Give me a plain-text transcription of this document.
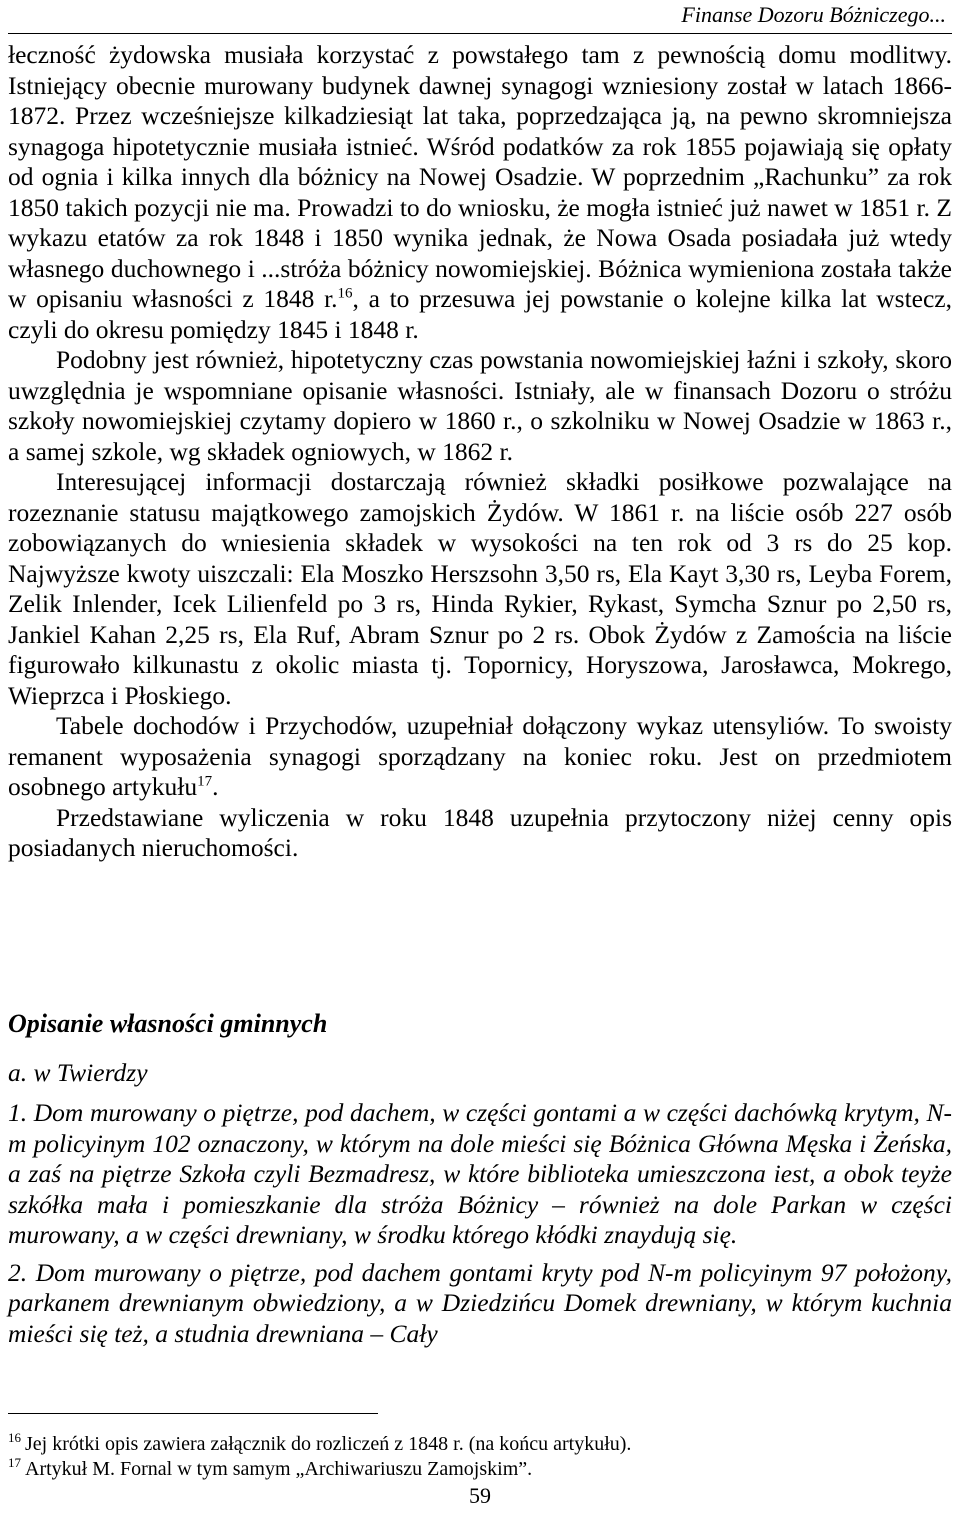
Finanse Dozoru Bóżniczego...

łeczność żydowska musiała korzystać z powstałego tam z pewnością domu modlitwy. Istniejący obecnie murowany budynek dawnej synagogi wzniesiony został w latach 1866-1872. Przez wcześniejsze kilkadziesiąt lat taka, poprzedzająca ją, na pewno skromniejsza synagoga hipotetycznie musiała istnieć. Wśród podatków za rok 1855 pojawiają się opłaty od ognia i kilka innych dla bóżnicy na Nowej Osadzie. W poprzednim „Rachunku” za rok 1850 takich pozycji nie ma. Prowadzi to do wniosku, że mogła istnieć już nawet w 1851 r. Z wykazu etatów za rok 1848 i 1850 wynika jednak, że Nowa Osada posiadała już wtedy własnego duchownego i ...stróża bóżnicy nowomiejskiej. Bóżnica wymieniona została także w opisaniu własności z 1848 r.$^{16}$, a to przesuwa jej powstanie o kolejne kilka lat wstecz, czyli do okresu pomiędzy 1845 i 1848 r.

Podobny jest również, hipotetyczny czas powstania nowomiejskiej łaźni i szkoły, skoro uwzględnia je wspomniane opisanie własności. Istniały, ale w finansach Dozoru o stróżu szkoły nowomiejskiej czytamy dopiero w 1860 r., o szkolniku w Nowej Osadzie w 1863 r., a samej szkole, wg składek ogniowych, w 1862 r.

Interesującej informacji dostarczają również składki posiłkowe pozwalające na rozeznanie statusu majątkowego zamojskich Żydów. W 1861 r. na liście osób 227 osób zobowiązanych do wniesienia składek w wysokości na ten rok od 3 rs do 25 kop. Najwyższe kwoty uiszczali: Ela Moszko Herszsohn 3,50 rs, Ela Kayt 3,30 rs, Leyba Forem, Zelik Inlender, Icek Lilienfeld po 3 rs, Hinda Rykier, Rykast, Symcha Sznur po 2,50 rs, Jankiel Kahan 2,25 rs, Ela Ruf, Abram Sznur po 2 rs. Obok Żydów z Zamościa na liście figurowało kilkunastu z okolic miasta tj. Topornicy, Horyszowa, Jarosławca, Mokrego, Wieprzca i Płoskiego.

Tabele dochodów i Przychodów, uzupełniał dołączony wykaz utensyliów. To swoisty remanent wyposażenia synagogi sporządzany na koniec roku. Jest on przedmiotem osobnego artykułu$^{17}$.

Przedstawiane wyliczenia w roku 1848 uzupełnia przytoczony niżej cenny opis posiadanych nieruchomości.

Opisanie własności gminnych
a. w Twierdzy

1. Dom murowany o piętrze, pod dachem, w części gontami a w części dachówką krytym, N-m policyinym 102 oznaczony, w którym na dole mieści się Bóżnica Główna Męska i Żeńska, a zaś na piętrze Szkoła czyli Bezmadresz, w które biblioteka umieszczona iest, a obok teyże szkółka mała i pomieszkanie dla stróża Bóżnicy – również na dole Parkan w części murowany, a w części drewniany, w środku którego kłódki znaydują się.

2. Dom murowany o piętrze, pod dachem gontami kryty pod N-m policyinym 97 położony, parkanem drewnianym obwiedziony, a w Dziedzińcu Domek drewniany, w którym kuchnia mieści się też, a studnia drewniana – Cały

$^{16}$ Jej krótki opis zawiera załącznik do rozliczeń z 1848 r. (na końcu artykułu).

$^{17}$ Artykuł M. Fornal w tym samym „Archiwariuszu Zamojskim”.

59
